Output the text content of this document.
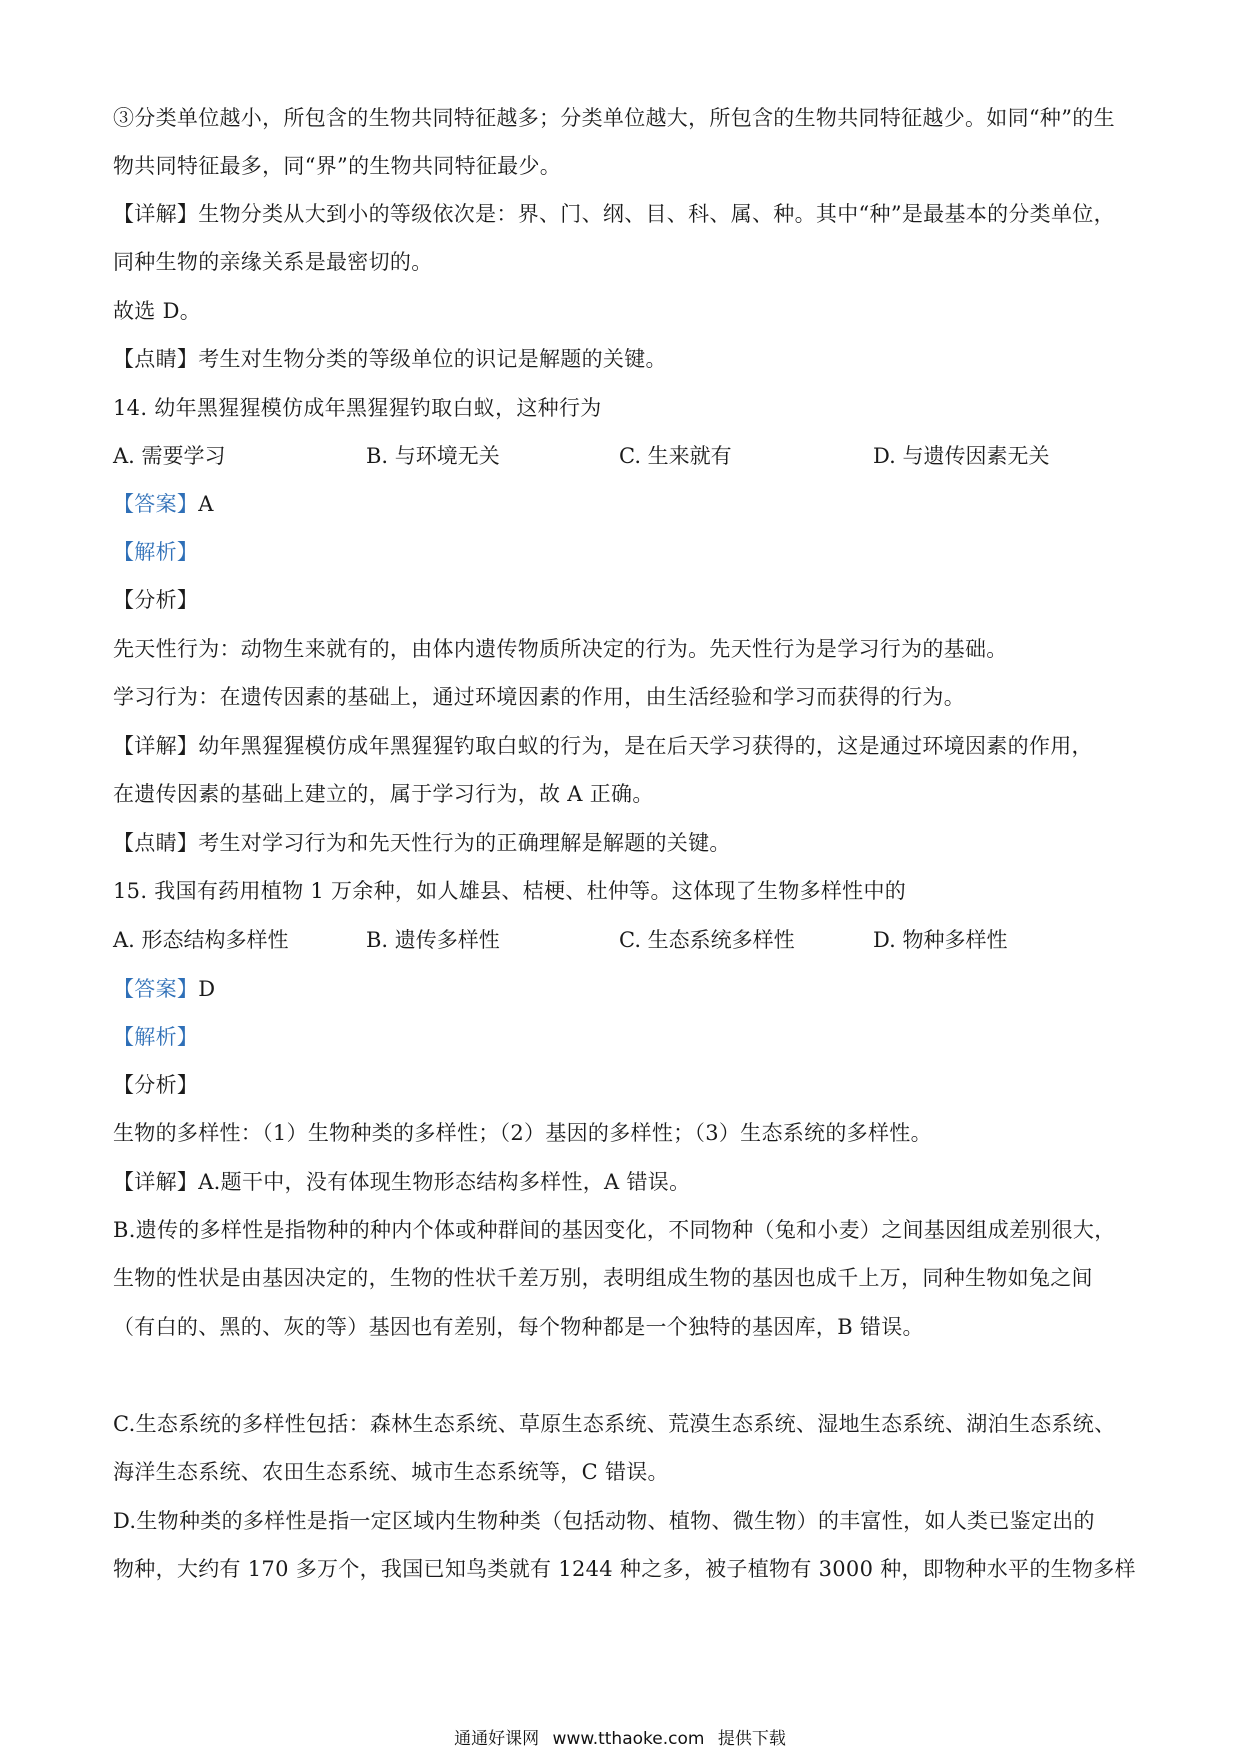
③分类单位越小，所包含的生物共同特征越多；分类单位越大，所包含的生物共同特征越少。如同“种”的生
物共同特征最多，同“界”的生物共同特征最少。
【详解】生物分类从大到小的等级依次是：界、门、纲、目、科、属、种。其中“种”是最基本的分类单位，
同种生物的亲缘关系是最密切的。
故选 D。
【点睛】考生对生物分类的等级单位的识记是解题的关键。
14. 幼年黑猩猩模仿成年黑猩猩钓取白蚁，这种行为
A. 需要学习	B. 与环境无关	C. 生来就有	D. 与遗传因素无关
【答案】A
【解析】
【分析】
先天性行为：动物生来就有的，由体内遗传物质所决定的行为。先天性行为是学习行为的基础。
学习行为：在遗传因素的基础上，通过环境因素的作用，由生活经验和学习而获得的行为。
【详解】幼年黑猩猩模仿成年黑猩猩钓取白蚁的行为，是在后天学习获得的，这是通过环境因素的作用，
在遗传因素的基础上建立的，属于学习行为，故 A 正确。
【点睛】考生对学习行为和先天性行为的正确理解是解题的关键。
15. 我国有药用植物 1 万余种，如人雄县、桔梗、杜仲等。这体现了生物多样性中的
A. 形态结构多样性	B. 遗传多样性	C. 生态系统多样性	D. 物种多样性
【答案】D
【解析】
【分析】
生物的多样性：（1）生物种类的多样性；（2）基因的多样性；（3）生态系统的多样性。
【详解】A.题干中，没有体现生物形态结构多样性，A 错误。
B.遗传的多样性是指物种的种内个体或种群间的基因变化，不同物种（兔和小麦）之间基因组成差别很大，
生物的性状是由基因决定的，生物的性状千差万别，表明组成生物的基因也成千上万，同种生物如兔之间
（有白的、黑的、灰的等）基因也有差别，每个物种都是一个独特的基因库，B 错误。
C.生态系统的多样性包括：森林生态系统、草原生态系统、荒漠生态系统、湿地生态系统、湖泊生态系统、
海洋生态系统、农田生态系统、城市生态系统等，C 错误。
D.生物种类的多样性是指一定区域内生物种类（包括动物、植物、微生物）的丰富性，如人类已鉴定出的
物种，大约有 170 多万个，我国已知鸟类就有 1244 种之多，被子植物有 3000 种，即物种水平的生物多样
通通好课网 www.tthaoke.com 提供下载
